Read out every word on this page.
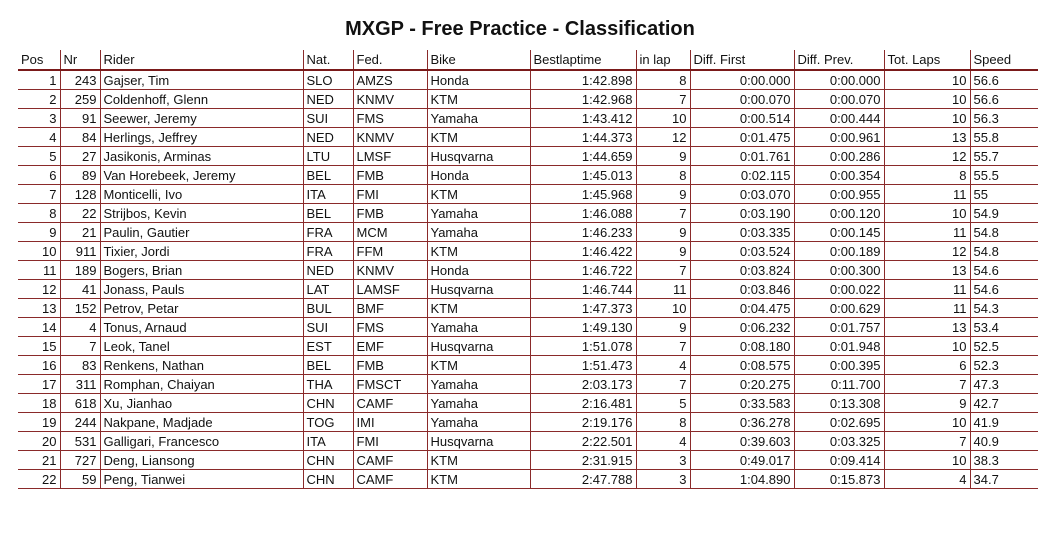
MXGP - Free Practice - Classification
Pos	Nr	Rider	Nat.	Fed.	Bike	Bestlaptime	in lap	Diff. First	Diff. Prev.	Tot. Laps	Speed
1	243	Gajser, Tim	SLO	AMZS	Honda	1:42.898	8	0:00.000	0:00.000	10	56.6
2	259	Coldenhoff, Glenn	NED	KNMV	KTM	1:42.968	7	0:00.070	0:00.070	10	56.6
3	91	Seewer, Jeremy	SUI	FMS	Yamaha	1:43.412	10	0:00.514	0:00.444	10	56.3
4	84	Herlings, Jeffrey	NED	KNMV	KTM	1:44.373	12	0:01.475	0:00.961	13	55.8
5	27	Jasikonis, Arminas	LTU	LMSF	Husqvarna	1:44.659	9	0:01.761	0:00.286	12	55.7
6	89	Van Horebeek, Jeremy	BEL	FMB	Honda	1:45.013	8	0:02.115	0:00.354	8	55.5
7	128	Monticelli, Ivo	ITA	FMI	KTM	1:45.968	9	0:03.070	0:00.955	11	55
8	22	Strijbos, Kevin	BEL	FMB	Yamaha	1:46.088	7	0:03.190	0:00.120	10	54.9
9	21	Paulin, Gautier	FRA	MCM	Yamaha	1:46.233	9	0:03.335	0:00.145	11	54.8
10	911	Tixier, Jordi	FRA	FFM	KTM	1:46.422	9	0:03.524	0:00.189	12	54.8
11	189	Bogers, Brian	NED	KNMV	Honda	1:46.722	7	0:03.824	0:00.300	13	54.6
12	41	Jonass, Pauls	LAT	LAMSF	Husqvarna	1:46.744	11	0:03.846	0:00.022	11	54.6
13	152	Petrov, Petar	BUL	BMF	KTM	1:47.373	10	0:04.475	0:00.629	11	54.3
14	4	Tonus, Arnaud	SUI	FMS	Yamaha	1:49.130	9	0:06.232	0:01.757	13	53.4
15	7	Leok, Tanel	EST	EMF	Husqvarna	1:51.078	7	0:08.180	0:01.948	10	52.5
16	83	Renkens, Nathan	BEL	FMB	KTM	1:51.473	4	0:08.575	0:00.395	6	52.3
17	311	Romphan, Chaiyan	THA	FMSCT	Yamaha	2:03.173	7	0:20.275	0:11.700	7	47.3
18	618	Xu, Jianhao	CHN	CAMF	Yamaha	2:16.481	5	0:33.583	0:13.308	9	42.7
19	244	Nakpane, Madjade	TOG	IMI	Yamaha	2:19.176	8	0:36.278	0:02.695	10	41.9
20	531	Galligari, Francesco	ITA	FMI	Husqvarna	2:22.501	4	0:39.603	0:03.325	7	40.9
21	727	Deng, Liansong	CHN	CAMF	KTM	2:31.915	3	0:49.017	0:09.414	10	38.3
22	59	Peng, Tianwei	CHN	CAMF	KTM	2:47.788	3	1:04.890	0:15.873	4	34.7
